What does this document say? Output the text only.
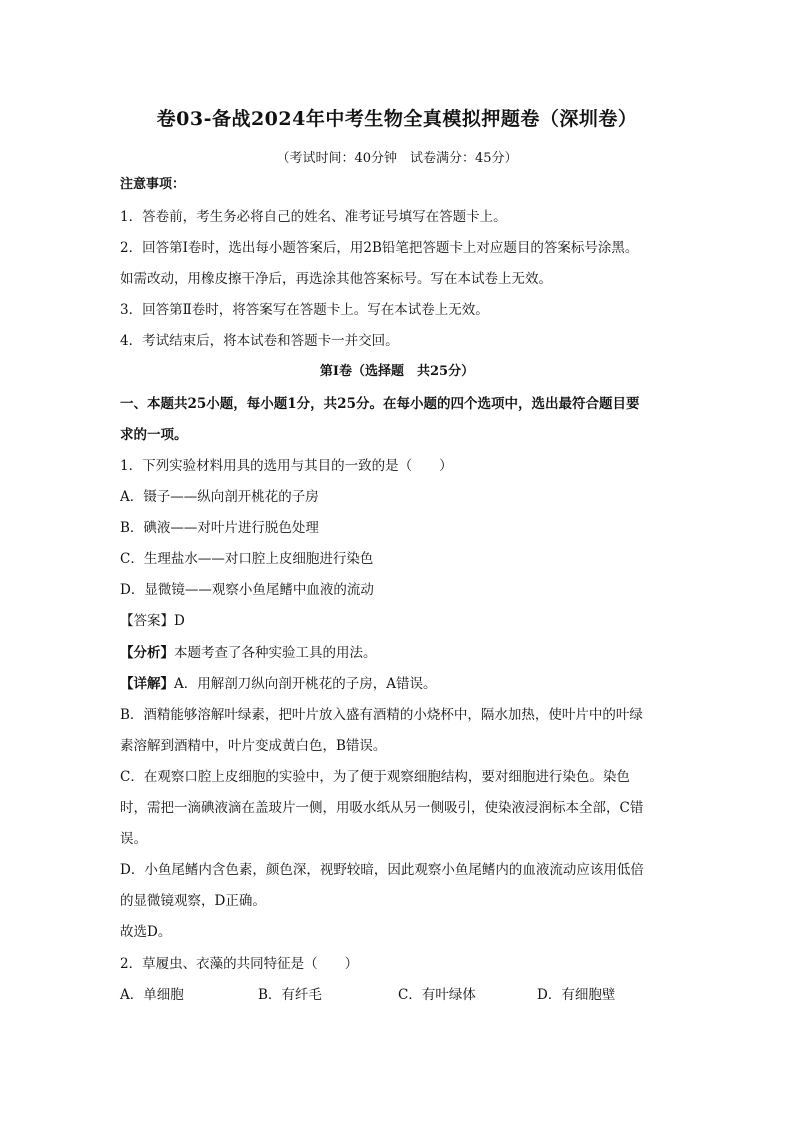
卷03-备战2024年中考生物全真模拟押题卷（深圳卷）
（考试时间：40分钟　试卷满分：45分）
注意事项：
1．答卷前，考生务必将自己的姓名、准考证号填写在答题卡上。
2．回答第Ⅰ卷时，选出每小题答案后，用2B铅笔把答题卡上对应题目的答案标号涂黑。
如需改动，用橡皮擦干净后，再选涂其他答案标号。写在本试卷上无效。
3．回答第Ⅱ卷时，将答案写在答题卡上。写在本试卷上无效。
4．考试结束后，将本试卷和答题卡一并交回。
第Ⅰ卷（选择题　共25分）
一、本题共25小题，每小题1分，共25分。在每小题的四个选项中，选出最符合题目要
求的一项。
1．下列实验材料用具的选用与其目的一致的是（　　）
A．镊子——纵向剖开桃花的子房
B．碘液——对叶片进行脱色处理
C．生理盐水——对口腔上皮细胞进行染色
D．显微镜——观察小鱼尾鳍中血液的流动
【答案】D
【分析】本题考查了各种实验工具的用法。
【详解】A．用解剖刀纵向剖开桃花的子房，A错误。
B．酒精能够溶解叶绿素，把叶片放入盛有酒精的小烧杯中，隔水加热，使叶片中的叶绿
素溶解到酒精中，叶片变成黄白色，B错误。
C．在观察口腔上皮细胞的实验中，为了便于观察细胞结构，要对细胞进行染色。染色
时，需把一滴碘液滴在盖玻片一侧，用吸水纸从另一侧吸引，使染液浸润标本全部，C错
误。
D．小鱼尾鳍内含色素，颜色深，视野较暗，因此观察小鱼尾鳍内的血液流动应该用低倍
的显微镜观察，D正确。
故选D。
2．草履虫、衣藻的共同特征是（　　）
A．单细胞	B．有纤毛	C．有叶绿体	D．有细胞壁
